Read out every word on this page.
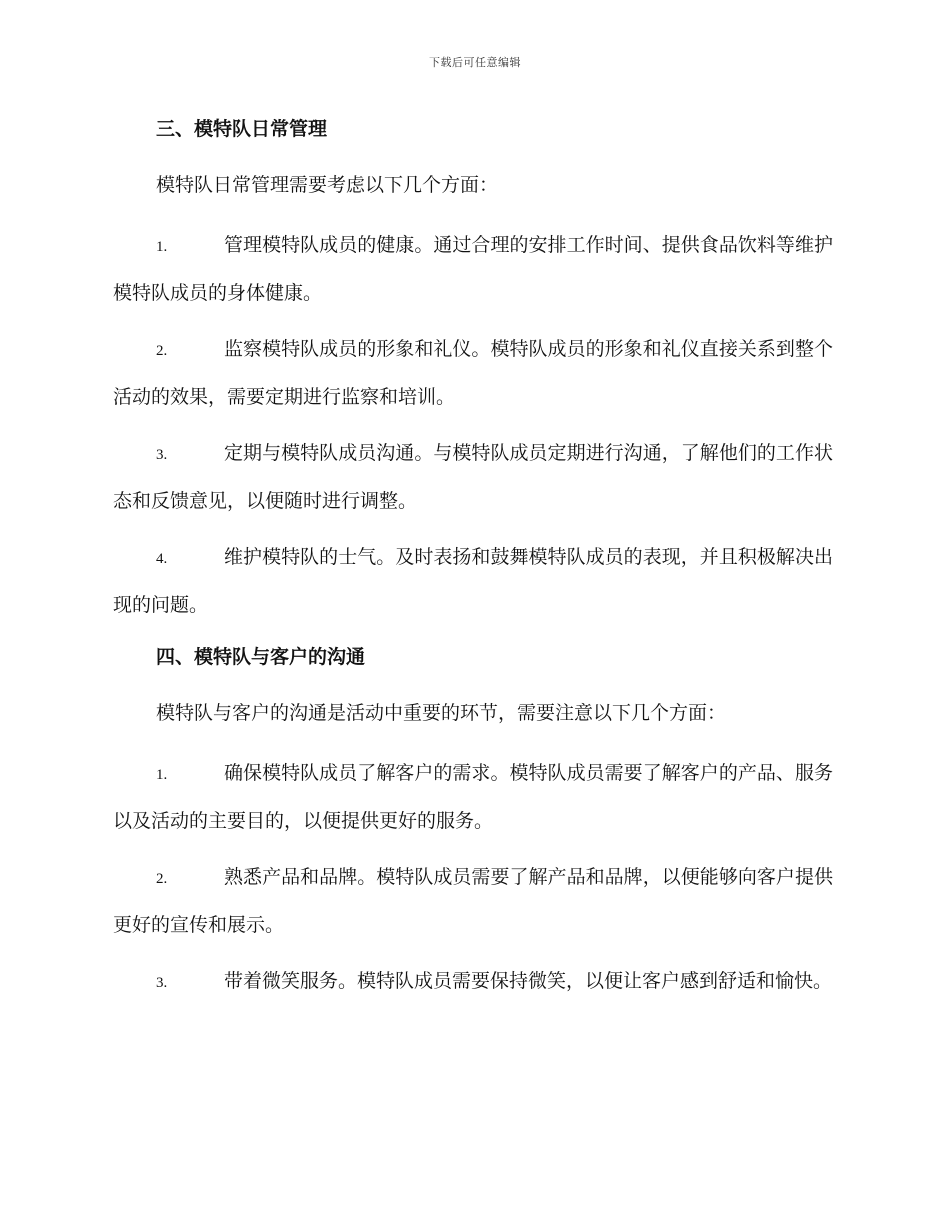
下载后可任意编辑
三、模特队日常管理
模特队日常管理需要考虑以下几个方面：
1.	管理模特队成员的健康。通过合理的安排工作时间、提供食品饮料等维护模特队成员的身体健康。
2.	监察模特队成员的形象和礼仪。模特队成员的形象和礼仪直接关系到整个活动的效果，需要定期进行监察和培训。
3.	定期与模特队成员沟通。与模特队成员定期进行沟通，了解他们的工作状态和反馈意见，以便随时进行调整。
4.	维护模特队的士气。及时表扬和鼓舞模特队成员的表现，并且积极解决出现的问题。
四、模特队与客户的沟通
模特队与客户的沟通是活动中重要的环节，需要注意以下几个方面：
1.	确保模特队成员了解客户的需求。模特队成员需要了解客户的产品、服务以及活动的主要目的，以便提供更好的服务。
2.	熟悉产品和品牌。模特队成员需要了解产品和品牌，以便能够向客户提供更好的宣传和展示。
3.	带着微笑服务。模特队成员需要保持微笑，以便让客户感到舒适和愉快。
